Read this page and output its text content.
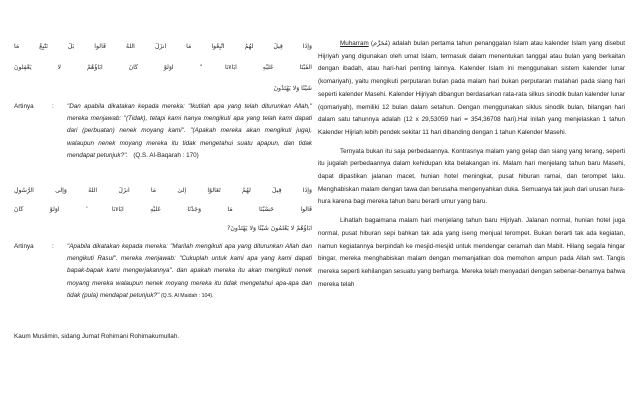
ﻭَﺇِﺫَﺍ ﻗِﻴﻞَ ﻟَﻬُﻢُ ﺍﺗَّﺒِﻌُﻮﺍ ﻣَﺎ ﺃَﻧﺰَﻝَ ﺍﻟﻠَّﻪُ ﻗَﺎﻟُﻮﺍ ﺑَﻞْ ﻧَﺘَّﺒِﻊُ ﻣَﺎ
ﺃَﻟْﻔَﻴْﻨَﺎ ﻋَﻠَﻴْﻪِ ﺁﺑَﺎﺀَﻧَﺎ ۗ ﺃَﻭَﻟَﻮْ ﻛَﺎﻥَ ﺁﺑَﺎﺅُﻫُﻢْ ﻟَﺎ ﻳَﻌْﻘِﻠُﻮﻥَ
ﺷَﻴْﺌًﺎ ﻭَﻟَﺎ ﻳَﻬْﺘَﺪُﻭﻥَ
Artinya	: "Dan apabila dikatakan kepada mereka: "Ikutilah apa yang telah diturunkan Allah," mereka menjawab: "(Tidak), tetapi kami hanya mengikuti apa yang telah kami dapati dari (perbuatan) nenek moyang kami". "(Apakah mereka akan mengikuti juga), walaupun nenek moyang mereka itu tidak mengetahui suatu apapun, dan tidak mendapat petunjuk?". (Q.S. Al-Baqarah : 170)
ﻭَﺇِﺫَﺍ ﻗِﻴﻞَ ﻟَﻬُﻢْ ﺗَﻌَﺎﻟَﻮْﺍ ﺇِﻟَﻰٰ ﻣَﺎ ﺃَﻧﺰَﻝَ ﺍﻟﻠَّﻪُ ﻭَﺇِﻟَﻰ ﺍﻟﺮَّﺳُﻮﻝِ
ﻗَﺎﻟُﻮﺍ ﺣَﺴْﺒُﻨَﺎ ﻣَﺎ ﻭَﺟَﺪْﻧَﺎ ﻋَﻠَﻴْﻪِ ﺁﺑَﺎﺀَﻧَﺎ ۚ ﺃَﻭَﻟَﻮْ ﻛَﺎﻥَ
?ﺁﺑَﺎﺅُﻫُﻢْ ﻟَﺎ ﻳَﻌْﻠَﻤُﻮﻥَ ﺷَﻴْﺌًﺎ ﻭَﻟَﺎ ﻳَﻬْﺘَﺪُﻭﻥَ
Artinya	: "Apabila dikatakan kepada mereka: "Marilah mengikuti apa yang diturunkan Allah dan mengikuti Rasul". mereka menjawab: "Cukuplah untuk kami apa yang kami dapati bapak-bapak kami mengerjakannya". dan apakah mereka itu akan mengikuti nenek moyang mereka walaupun nenek moyang mereka itu tidak mengetahui apa-apa dan tidak (pula) mendapat petunjuk?" (Q.S. Al Maidah : 104).
Kaum Muslimin, sidang Jumat Rohimani Rohimakumullah.

Muharram (مُحَرَّم) adalah bulan pertama tahun penanggalan Islam atau kalender Islam yang disebut Hijriyah yang digunakan oleh umat Islam, termasuk dalam menentukan tanggal atau bulan yang berkaitan dengan ibadah, atau hari-hari penting lainnya. Kalender Islam ini menggunakan sistem kalender lunar (komariyah), yaitu mengikuti perputaran bulan pada malam hari bukan perputaran matahari pada siang hari seperti kalender Masehi. Kalender Hijriyah dibangun berdasarkan rata-rata silkus sinodik bulan kalender lunar (qomariyah), memiliki 12 bulan dalam setahun. Dengan menggunakan siklus sinodik bulan, bilangan hari dalam satu tahunnya adalah (12 x 29,53059 hari = 354,36708 hari).Hal inilah yang menjelaskan 1 tahun Kalender Hijriah lebih pendek sekitar 11 hari dibanding dengan 1 tahun Kalender Masehi.

Ternyata bukan itu saja perbedaannya. Kontrasnya malam yang gelap dan siang yang terang, seperti itu jugalah perbedaannya dalam kehidupan kita belakangan ini. Malam hari menjelang tahun baru Masehi, dapat dipastikan jalanan macet, hunian hotel meningkat, pusat hiburan ramai, dan terompet laku. Menghabiskan malam dengan tawa dan berusaha mengenyahkan duka. Semuanya tak jauh dari urusan hura-hura karena bagi mereka tahun baru berarti umur yang baru.

Lihatlah bagaimana malam hari menjelang tahun baru Hijriyah. Jalanan normal, hunian hotel juga normal, pusat hiburan sepi bahkan tak ada yang iseng menjual terompet. Bukan berarti tak ada kegiatan, namun kegiatannya berpindah ke mesjid-mesjid untuk mendengar ceramah dan Mabit. Hilang segala hingar bingar, mereka menghabiskan malam dengan memanjatkan doa memohon ampun pada Allah swt. Tangis mereka seperti kehilangan sesuatu yang berharga. Mereka telah menyadari dengan sebenar-benarnya bahwa mereka telah
